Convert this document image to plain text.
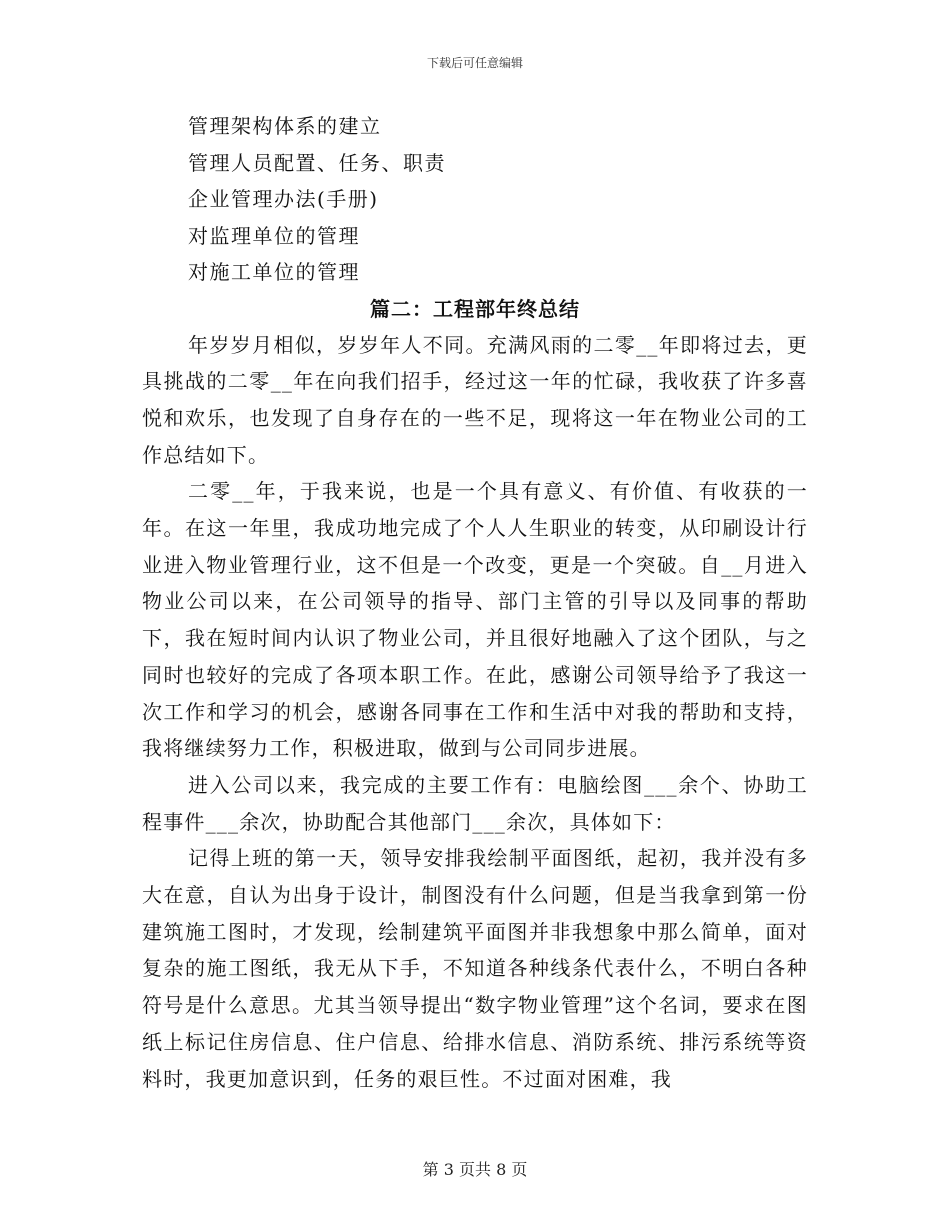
下载后可任意编辑
管理架构体系的建立
管理人员配置、任务、职责
企业管理办法(手册)
对监理单位的管理
对施工单位的管理
篇二：工程部年终总结

年岁岁月相似，岁岁年人不同。充满风雨的二零__年即将过去，更具挑战的二零__年在向我们招手，经过这一年的忙碌，我收获了许多喜悦和欢乐，也发现了自身存在的一些不足，现将这一年在物业公司的工作总结如下。

二零__年，于我来说，也是一个具有意义、有价值、有收获的一年。在这一年里，我成功地完成了个人人生职业的转变，从印刷设计行业进入物业管理行业，这不但是一个改变，更是一个突破。自__月进入物业公司以来，在公司领导的指导、部门主管的引导以及同事的帮助下，我在短时间内认识了物业公司，并且很好地融入了这个团队，与之同时也较好的完成了各项本职工作。在此，感谢公司领导给予了我这一次工作和学习的机会，感谢各同事在工作和生活中对我的帮助和支持，我将继续努力工作，积极进取，做到与公司同步进展。

进入公司以来，我完成的主要工作有：电脑绘图___余个、协助工程事件___余次，协助配合其他部门___余次，具体如下：

记得上班的第一天，领导安排我绘制平面图纸，起初，我并没有多大在意，自认为出身于设计，制图没有什么问题，但是当我拿到第一份建筑施工图时，才发现，绘制建筑平面图并非我想象中那么简单，面对复杂的施工图纸，我无从下手，不知道各种线条代表什么，不明白各种符号是什么意思。尤其当领导提出“数字物业管理”这个名词，要求在图纸上标记住房信息、住户信息、给排水信息、消防系统、排污系统等资料时，我更加意识到，任务的艰巨性。不过面对困难，我

第 3 页共 8 页
